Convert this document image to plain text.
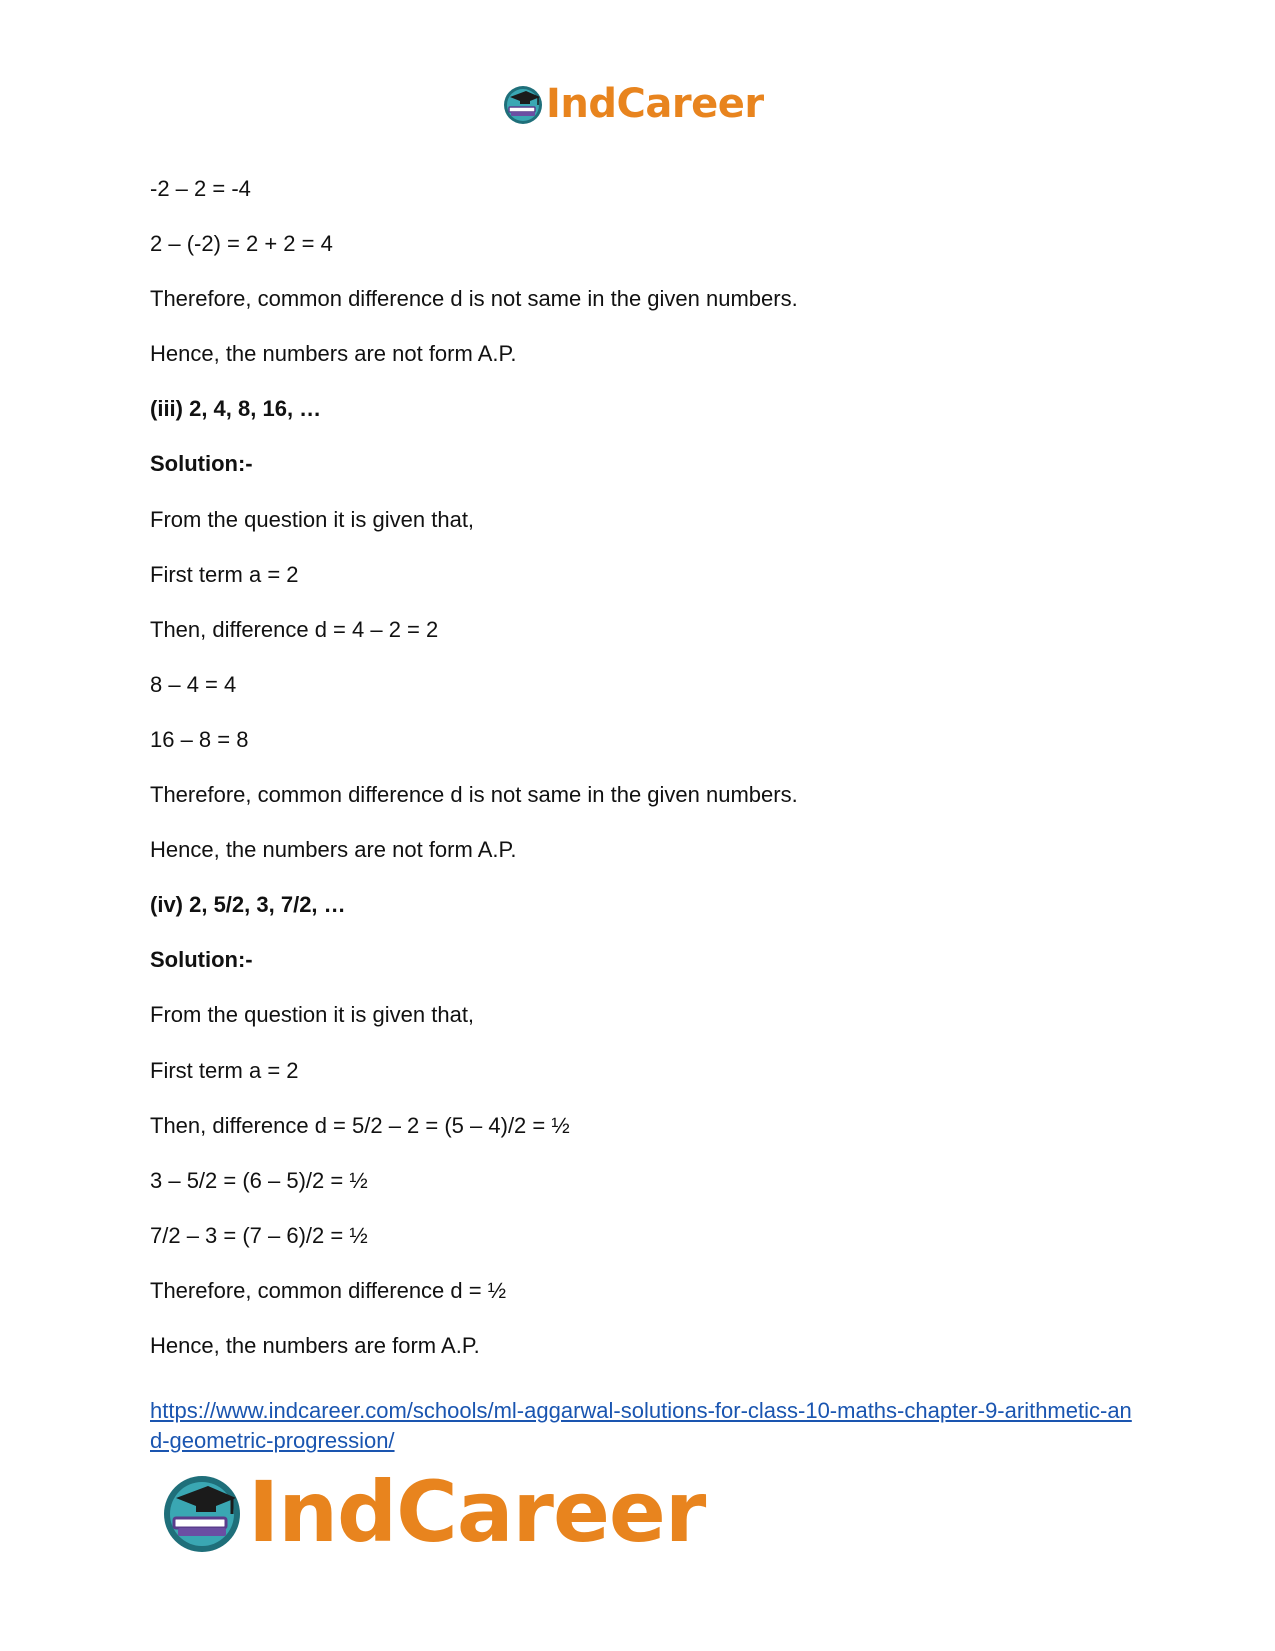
IndCareer

-2 – 2 = -4

2 – (-2) = 2 + 2 = 4

Therefore, common difference d is not same in the given numbers.

Hence, the numbers are not form A.P.

(iii) 2, 4, 8, 16, …

Solution:-

From the question it is given that,

First term a = 2

Then, difference d = 4 – 2 = 2

8 – 4 = 4

16 – 8 = 8

Therefore, common difference d is not same in the given numbers.

Hence, the numbers are not form A.P.

(iv) 2, 5/2, 3, 7/2, …

Solution:-

From the question it is given that,

First term a = 2

Then, difference d = 5/2 – 2 = (5 – 4)/2 = ½

3 – 5/2 = (6 – 5)/2 = ½

7/2 – 3 = (7 – 6)/2 = ½

Therefore, common difference d = ½

Hence, the numbers are form A.P.

https://www.indcareer.com/schools/ml-aggarwal-solutions-for-class-10-maths-chapter-9-arithmetic-and-geometric-progression/
IndCareer
